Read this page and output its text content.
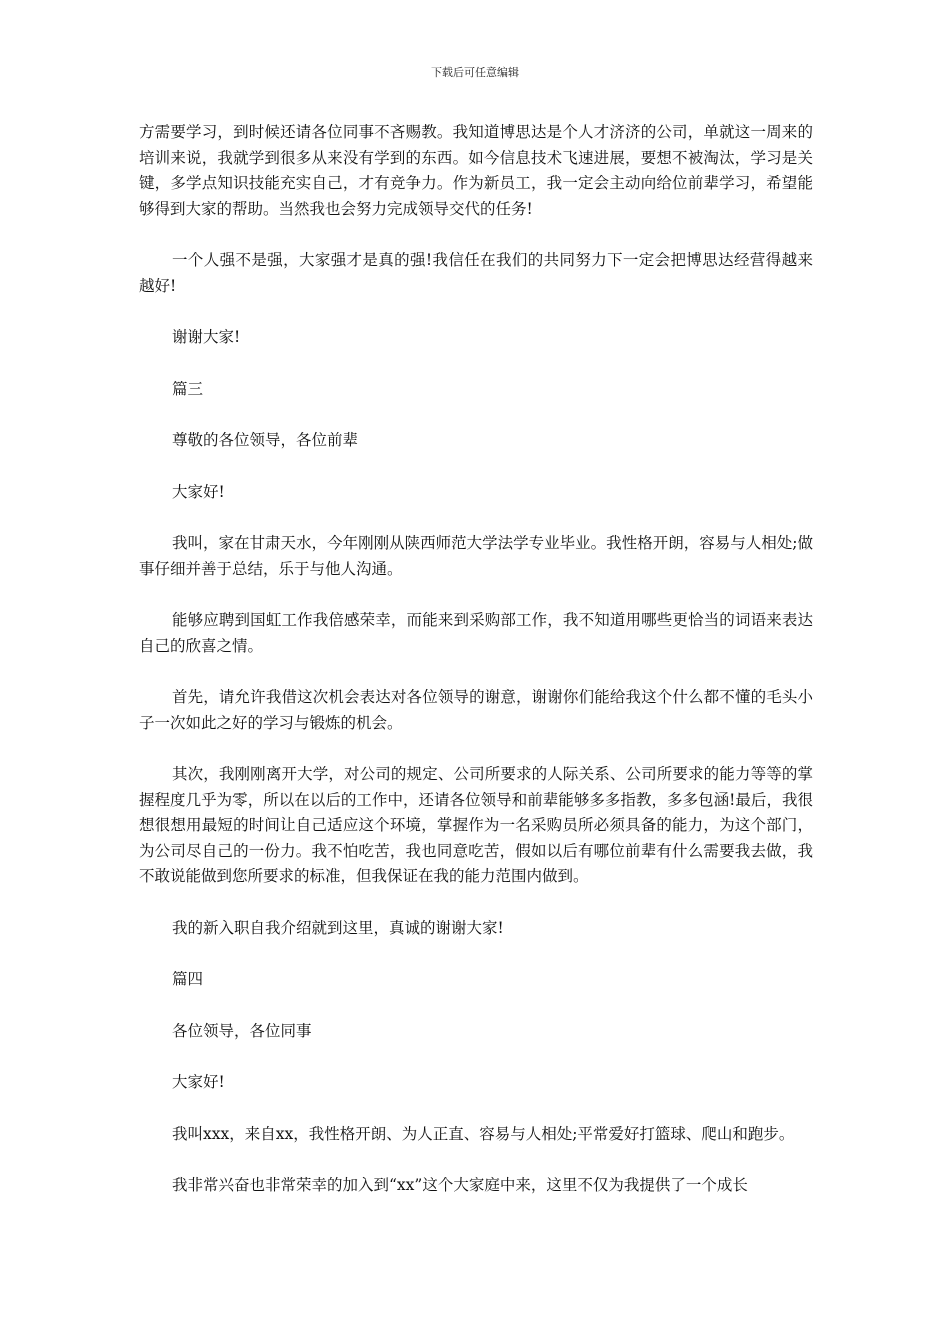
下载后可任意编辑

方需要学习，到时候还请各位同事不吝赐教。我知道博思达是个人才济济的公司，单就这一周来的培训来说，我就学到很多从来没有学到的东西。如今信息技术飞速进展，要想不被淘汰，学习是关键，多学点知识技能充实自己，才有竞争力。作为新员工，我一定会主动向给位前辈学习，希望能够得到大家的帮助。当然我也会努力完成领导交代的任务!

一个人强不是强，大家强才是真的强!我信任在我们的共同努力下一定会把博思达经营得越来越好!

谢谢大家!

篇三

尊敬的各位领导，各位前辈

大家好!

我叫，家在甘肃天水，今年刚刚从陕西师范大学法学专业毕业。我性格开朗，容易与人相处;做事仔细并善于总结，乐于与他人沟通。

能够应聘到国虹工作我倍感荣幸，而能来到采购部工作，我不知道用哪些更恰当的词语来表达自己的欣喜之情。

首先，请允许我借这次机会表达对各位领导的谢意，谢谢你们能给我这个什么都不懂的毛头小子一次如此之好的学习与锻炼的机会。

其次，我刚刚离开大学，对公司的规定、公司所要求的人际关系、公司所要求的能力等等的掌握程度几乎为零，所以在以后的工作中，还请各位领导和前辈能够多多指教，多多包涵!最后，我很想很想用最短的时间让自己适应这个环境，掌握作为一名采购员所必须具备的能力，为这个部门，为公司尽自己的一份力。我不怕吃苦，我也同意吃苦，假如以后有哪位前辈有什么需要我去做，我不敢说能做到您所要求的标准，但我保证在我的能力范围内做到。

我的新入职自我介绍就到这里，真诚的谢谢大家!

篇四

各位领导，各位同事

大家好!

我叫xxx，来自xx，我性格开朗、为人正直、容易与人相处;平常爱好打篮球、爬山和跑步。

我非常兴奋也非常荣幸的加入到“xx”这个大家庭中来，这里不仅为我提供了一个成长
